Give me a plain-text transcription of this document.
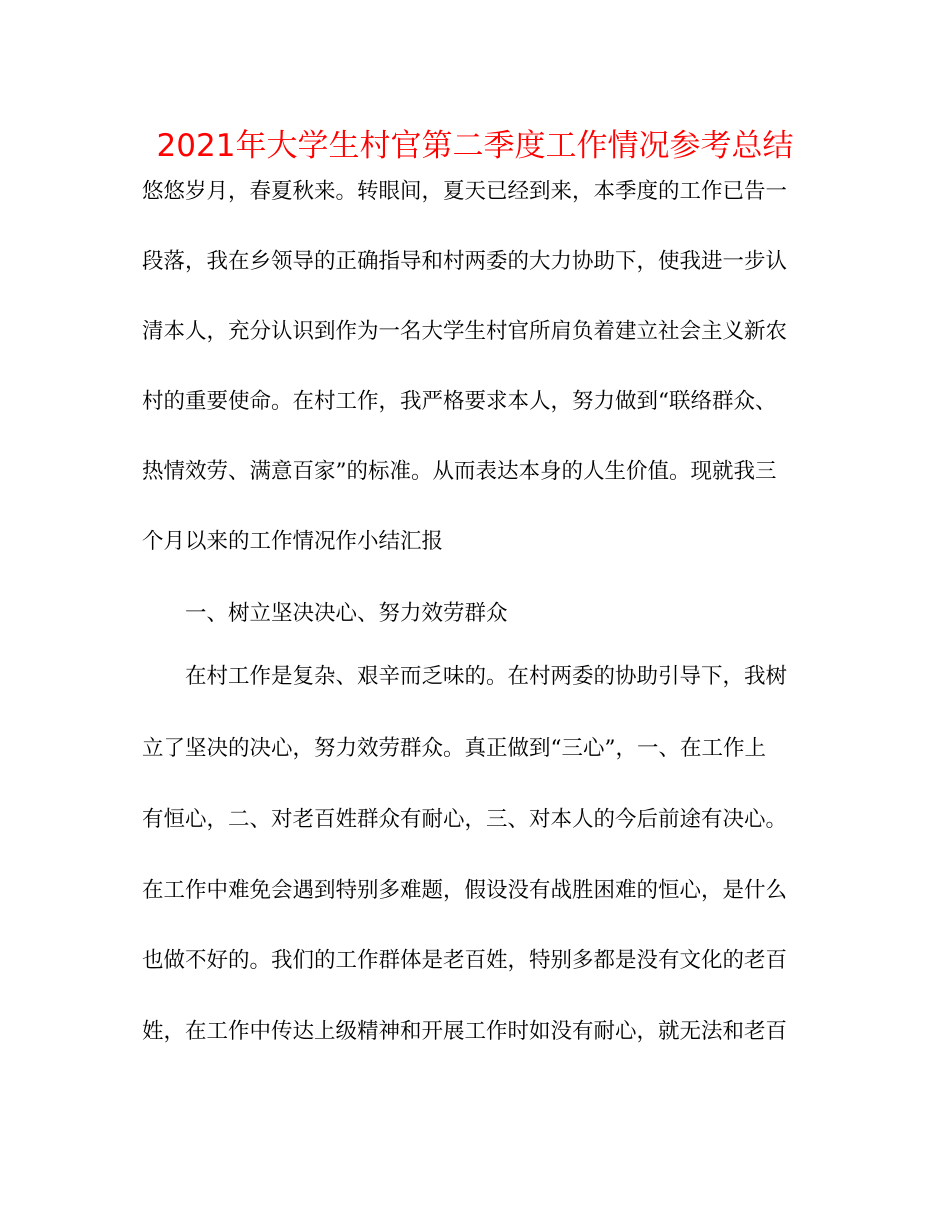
2021年大学生村官第二季度工作情况参考总结
悠悠岁月，春夏秋来。转眼间，夏天已经到来，本季度的工作已告一
段落，我在乡领导的正确指导和村两委的大力协助下，使我进一步认
清本人，充分认识到作为一名大学生村官所肩负着建立社会主义新农
村的重要使命。在村工作，我严格要求本人，努力做到“联络群众、
热情效劳、满意百家”的标准。从而表达本身的人生价值。现就我三
个月以来的工作情况作小结汇报
一、树立坚决决心、努力效劳群众
在村工作是复杂、艰辛而乏味的。在村两委的协助引导下，我树
立了坚决的决心，努力效劳群众。真正做到“三心”，一、在工作上
有恒心，二、对老百姓群众有耐心，三、对本人的今后前途有决心。
在工作中难免会遇到特别多难题，假设没有战胜困难的恒心，是什么
也做不好的。我们的工作群体是老百姓，特别多都是没有文化的老百
姓，在工作中传达上级精神和开展工作时如没有耐心，就无法和老百
